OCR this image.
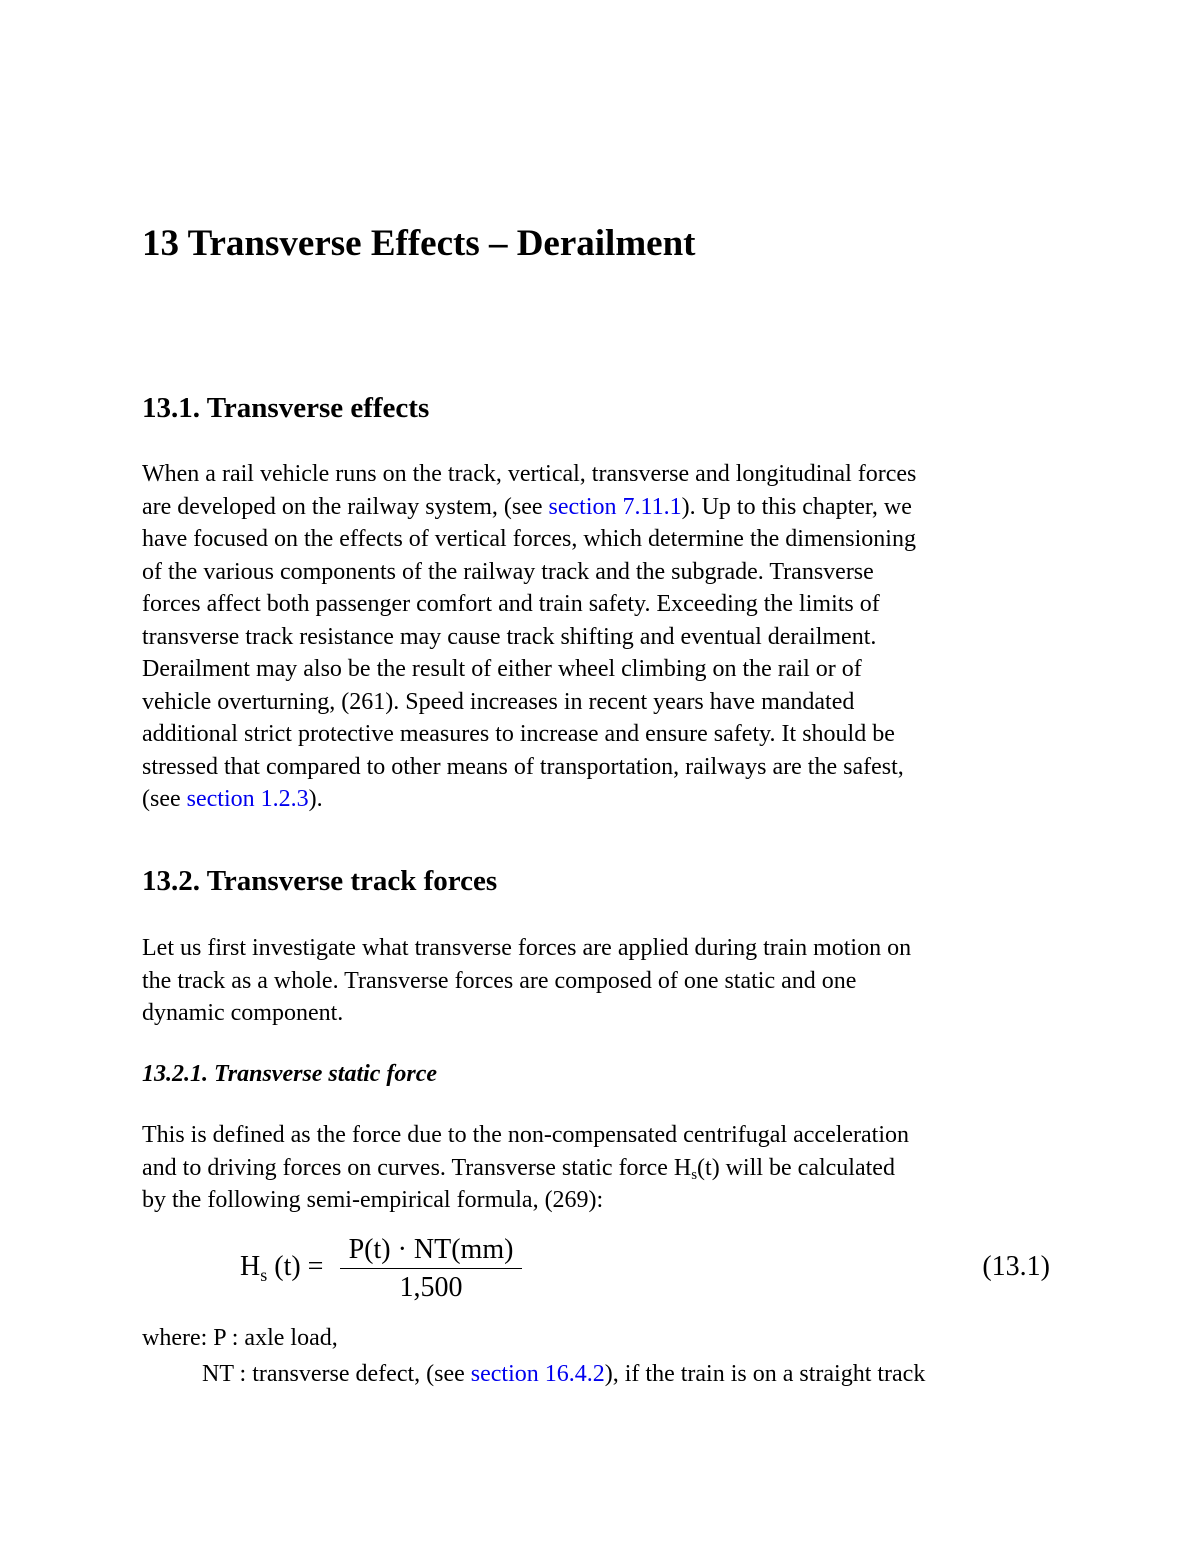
13 Transverse Effects – Derailment
13.1. Transverse effects
When a rail vehicle runs on the track, vertical, transverse and longitudinal forces
are developed on the railway system, (see section 7.11.1). Up to this chapter, we
have focused on the effects of vertical forces, which determine the dimensioning
of the various components of the railway track and the subgrade. Transverse
forces affect both passenger comfort and train safety. Exceeding the limits of
transverse track resistance may cause track shifting and eventual derailment.
Derailment may also be the result of either wheel climbing on the rail or of
vehicle overturning, (261). Speed increases in recent years have mandated
additional strict protective measures to increase and ensure safety. It should be
stressed that compared to other means of transportation, railways are the safest,
(see section 1.2.3).
13.2. Transverse track forces
Let us first investigate what transverse forces are applied during train motion on
the track as a whole. Transverse forces are composed of one static and one
dynamic component.
13.2.1. Transverse static force
This is defined as the force due to the non-compensated centrifugal acceleration
and to driving forces on curves. Transverse static force $H_s(t)$ will be calculated
by the following semi-empirical formula, (269):
$H_s$ (t) =
P(t) · NT(mm)
1,500
(13.1)
where: P : axle load,
NT : transverse defect, (see section 16.4.2), if the train is on a straight track
